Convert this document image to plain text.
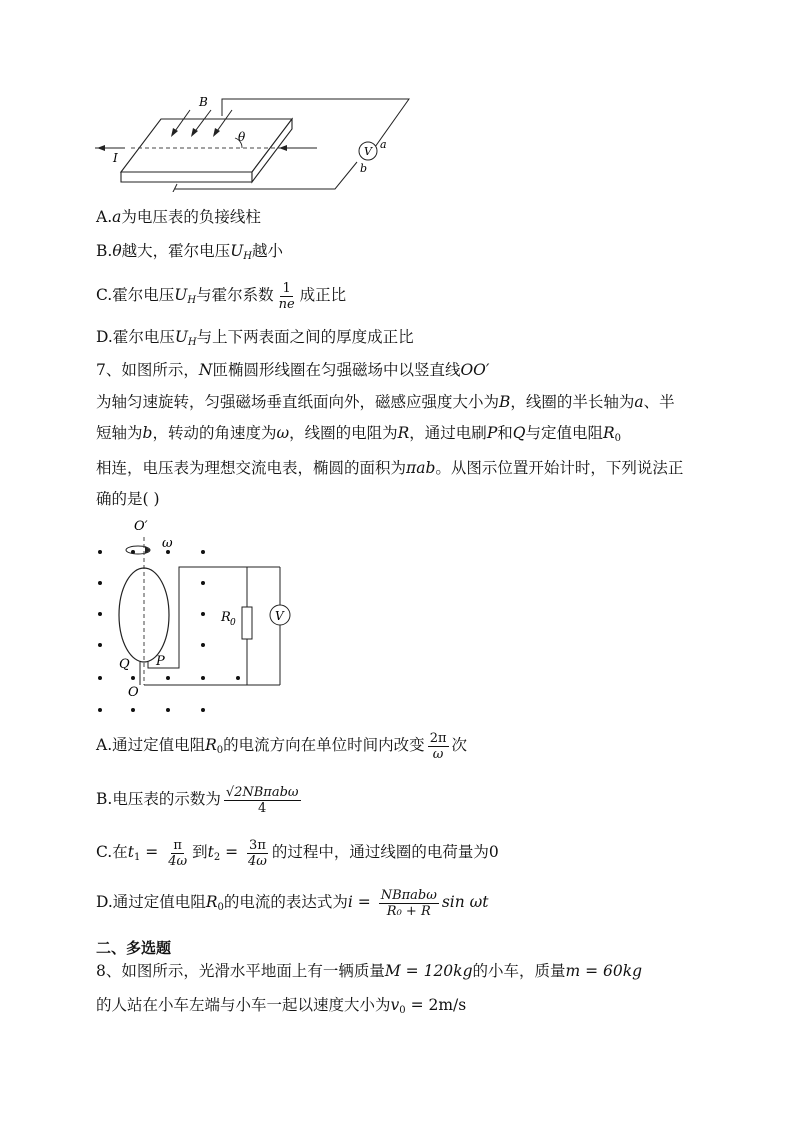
V
B
θ
I
a
b
A.a为电压表的负接线柱
B.θ越大，霍尔电压$U_H$越小
C.霍尔电压$U_H$与霍尔系数 $\frac{1}{ne}$ 成正比
D.霍尔电压$U_H$与上下两表面之间的厚度成正比
7、如图所示，N匝椭圆形线圈在匀强磁场中以竖直线OO′
为轴匀速旋转，匀强磁场垂直纸面向外，磁感应强度大小为B，线圈的半长轴为a、半
短轴为b，转动的角速度为ω，线圈的电阻为R，通过电刷P和Q与定值电阻$R_0$
相连，电压表为理想交流电表，椭圆的面积为πab。从图示位置开始计时，下列说法正
确的是( )
V
O′
ω
O
P
Q
R 0
A.通过定值电阻$R_0$的电流方向在单位时间内改变 $\frac{2\pi}{\omega}$ 次
B.电压表的示数为 $\frac{\text{√2NBπabω}}{4}$
C.在$t_1 = \frac{\pi}{4\omega}$ 到$t_2 = \frac{3\pi}{4\omega}$ 的过程中，通过线圈的电荷量为0
D.通过定值电阻$R_0$的电流的表达式为$i = \frac{\text{NBπabω}}{\text{R₀ + R}}$ sin ωt
二、多选题
8、如图所示，光滑水平地面上有一辆质量M = 120kg的小车，质量m = 60kg
的人站在小车左端与小车一起以速度大小为$v_0 = 2m/s$
